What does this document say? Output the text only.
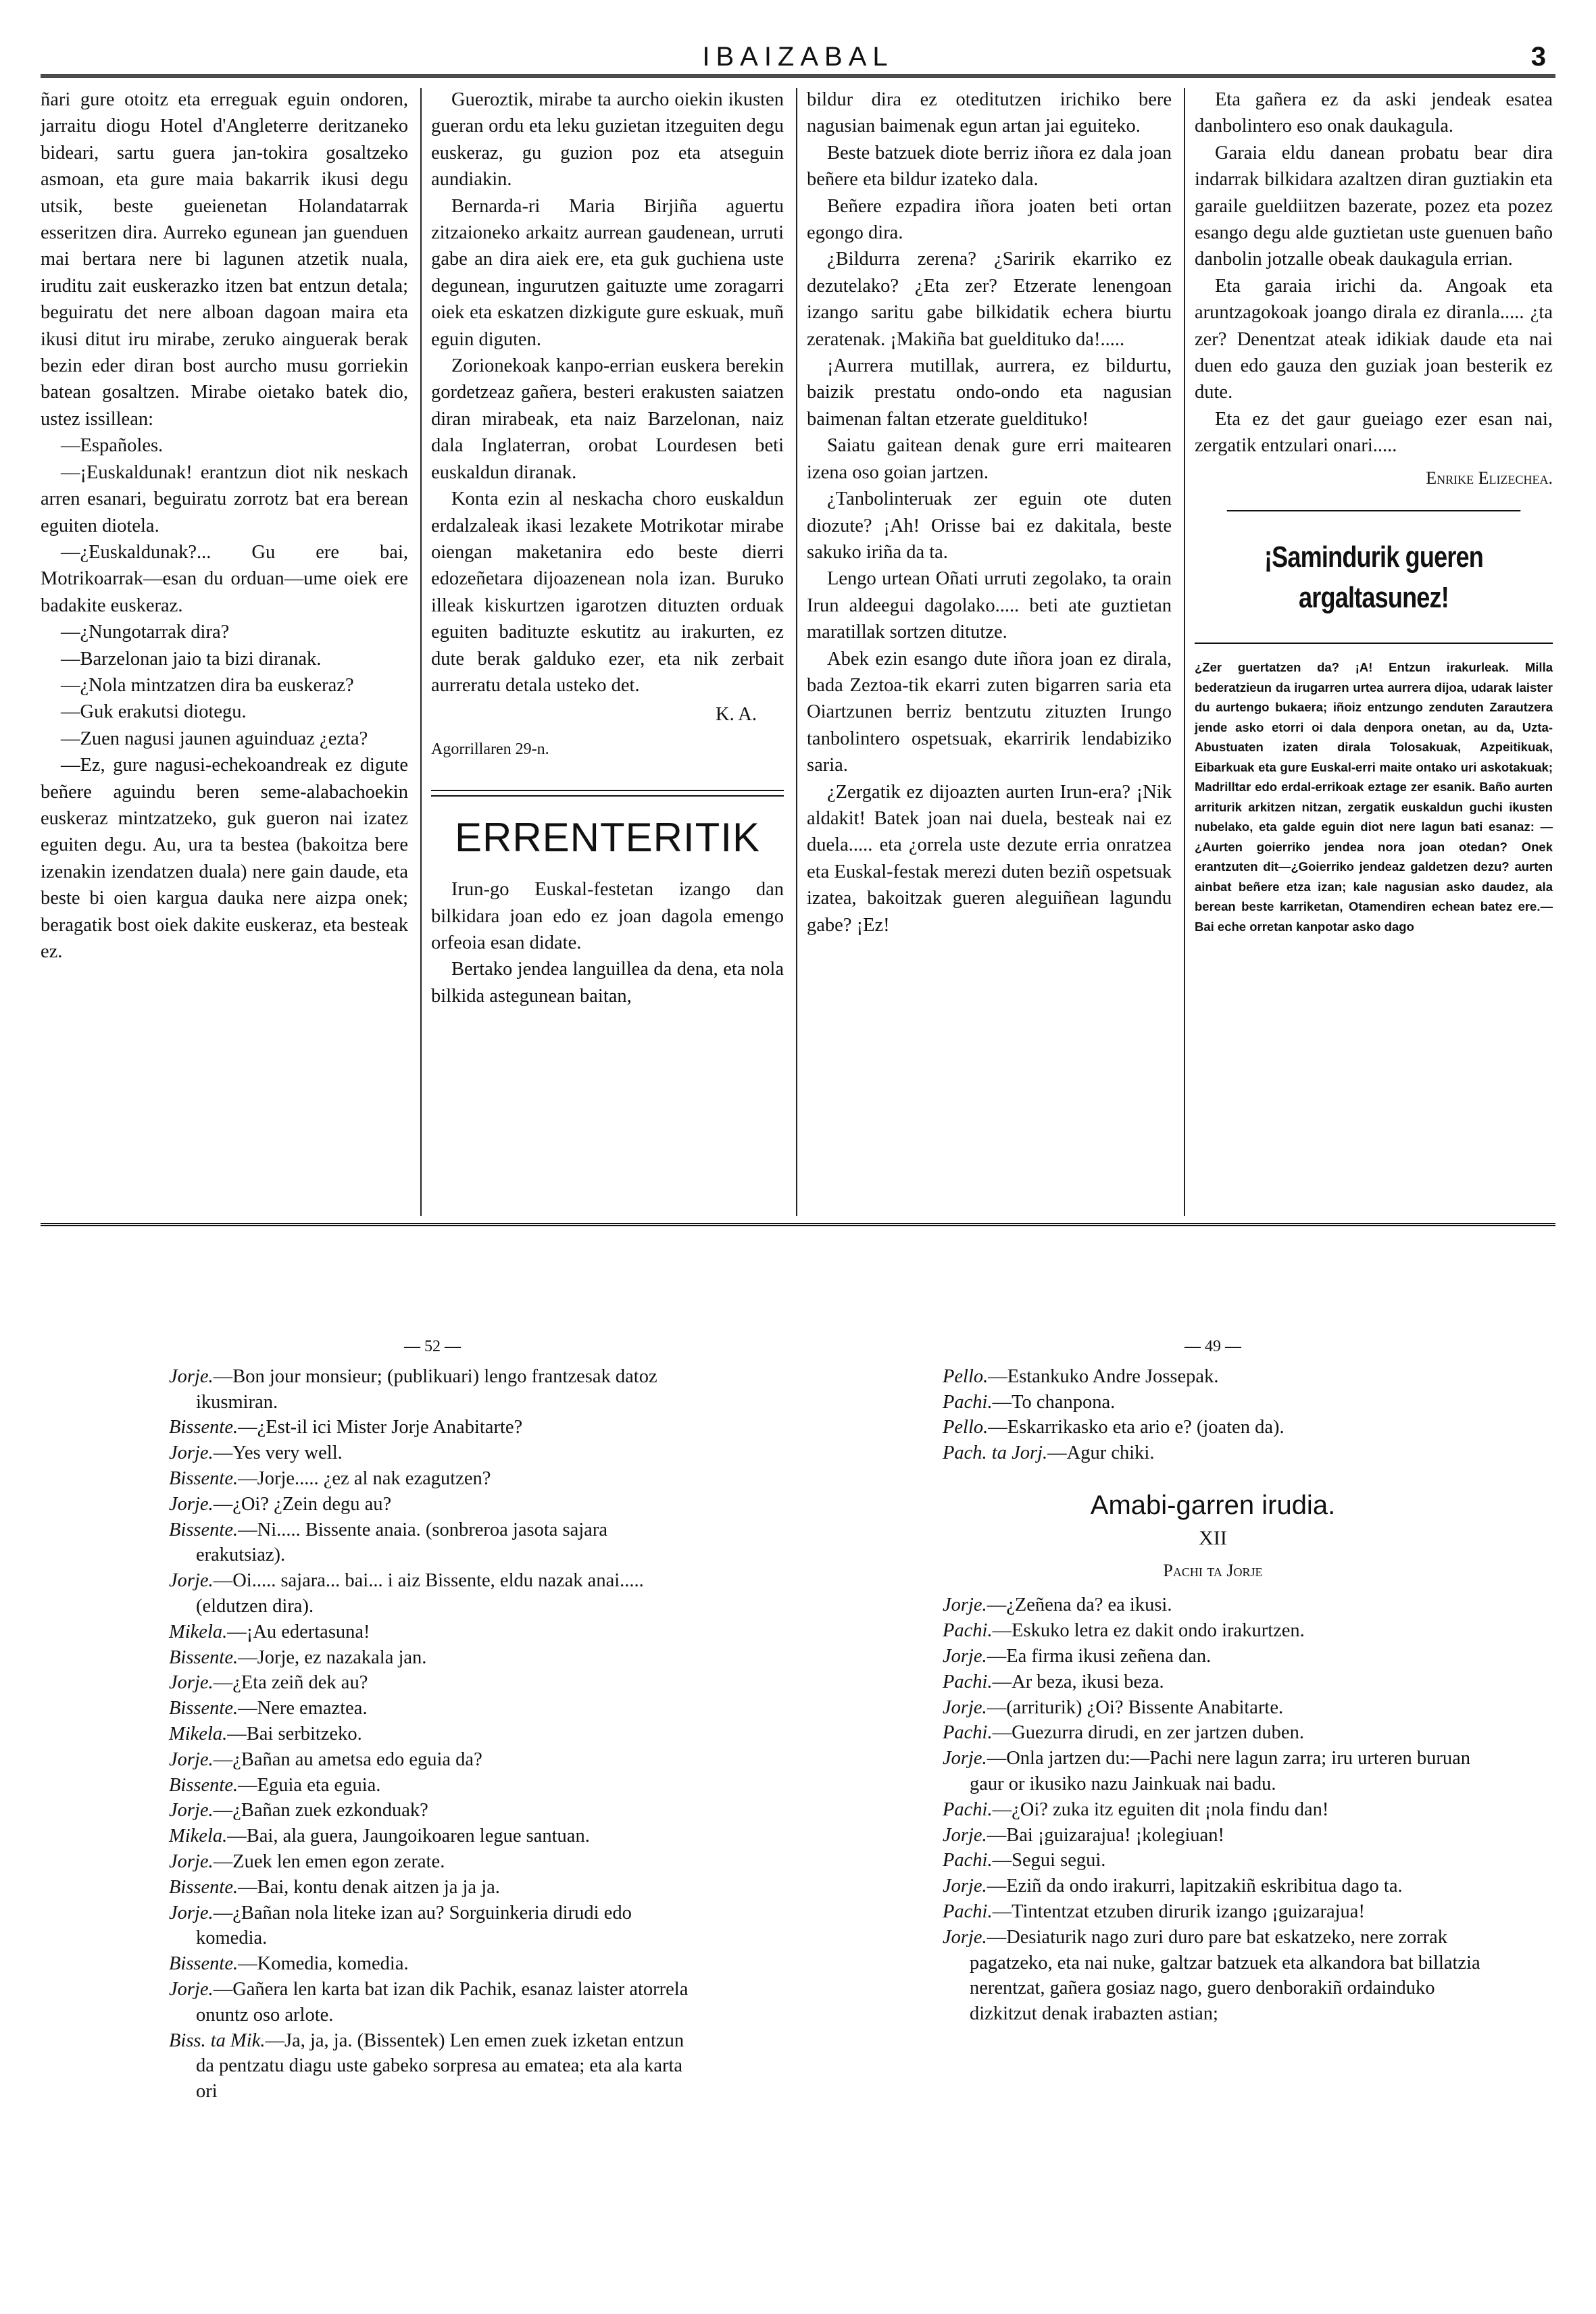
IBAIZABAL	3

ñari gure otoitz eta erreguak eguin ondoren, jarraitu diogu Hotel d'Angleterre deritzaneko bideari, sartu guera jan-tokira gosaltzeko asmoan, eta gure maia bakarrik ikusi degu utsik, beste gueienetan Holandatarrak esseritzen dira. Aurreko egunean jan guenduen mai bertara nere bi lagunen atzetik nuala, iruditu zait euskerazko itzen bat entzun detala; beguiratu det nere alboan dagoan maira eta ikusi ditut iru mirabe, zeruko ainguerak berak bezin eder diran bost aurcho musu gorriekin batean gosaltzen. Mirabe oietako batek dio, ustez issillean:

—Españoles.

—¡Euskaldunak! erantzun diot nik neskach arren esanari, beguiratu zorrotz bat era berean eguiten diotela.

—¿Euskaldunak?... Gu ere bai, Motrikoarrak—esan du orduan—ume oiek ere badakite euskeraz.

—¿Nungotarrak dira?

—Barzelonan jaio ta bizi diranak.

—¿Nola mintzatzen dira ba euskeraz?

—Guk erakutsi diotegu.

—Zuen nagusi jaunen aguinduaz ¿ezta?

—Ez, gure nagusi-echekoandreak ez digute beñere aguindu beren seme-alabachoekin euskeraz mintzatzeko, guk gueron nai izatez eguiten degu. Au, ura ta bestea (bakoitza bere izenakin izendatzen duala) nere gain daude, eta beste bi oien kargua dauka nere aizpa onek; beragatik bost oiek dakite euskeraz, eta besteak ez.

Gueroztik, mirabe ta aurcho oiekin ikusten gueran ordu eta leku guzietan itzeguiten degu euskeraz, gu guzion poz eta atseguin aundiakin.

Bernarda-ri Maria Birjiña aguertu zitzaioneko arkaitz aurrean gaudenean, urruti gabe an dira aiek ere, eta guk guchiena uste degunean, ingurutzen gaituzte ume zoragarri oiek eta eskatzen dizkigute gure eskuak, muñ eguin diguten.

Zorionekoak kanpo-errian euskera berekin gordetzeaz gañera, besteri erakusten saiatzen diran mirabeak, eta naiz Barzelonan, naiz dala Inglaterran, orobat Lourdesen beti euskaldun diranak.

Konta ezin al neskacha choro euskaldun erdalzaleak ikasi lezakete Motrikotar mirabe oiengan maketanira edo beste dierri edozeñetara dijoazenean nola izan. Buruko illeak kiskurtzen igarotzen dituzten orduak eguiten badituzte eskutitz au irakurten, ez dute berak galduko ezer, eta nik zerbait aurreratu detala usteko det.

K. A.
Agorrillaren 29-n.
ERRENTERITIK

Irun-go Euskal-festetan izango dan bilkidara joan edo ez joan dagola emengo orfeoia esan didate.

Bertako jendea languillea da dena, eta nola bilkida astegunean baitan,

bildur dira ez oteditutzen irichiko bere nagusian baimenak egun artan jai eguiteko.

Beste batzuek diote berriz iñora ez dala joan beñere eta bildur izateko dala.

Beñere ezpadira iñora joaten beti ortan egongo dira.

¿Bildurra zerena? ¿Saririk ekarriko ez dezutelako? ¿Eta zer? Etzerate lenengoan izango saritu gabe bilkidatik echera biurtu zeratenak. ¡Makiña bat gueldituko da!.....

¡Aurrera mutillak, aurrera, ez bildurtu, baizik prestatu ondo-ondo eta nagusian baimenan faltan etzerate gueldituko!

Saiatu gaitean denak gure erri maitearen izena oso goian jartzen.

¿Tanbolinteruak zer eguin ote duten diozute? ¡Ah! Orisse bai ez dakitala, beste sakuko iriña da ta.

Lengo urtean Oñati urruti zegolako, ta orain Irun aldeegui dagolako..... beti ate guztietan maratillak sortzen ditutze.

Abek ezin esango dute iñora joan ez dirala, bada Zeztoa-tik ekarri zuten bigarren saria eta Oiartzunen berriz bentzutu zituzten Irungo tanbolintero ospetsuak, ekarririk lendabiziko saria.

¿Zergatik ez dijoazten aurten Irun-era? ¡Nik aldakit! Batek joan nai duela, besteak nai ez duela..... eta ¿orrela uste dezute erria onratzea eta Euskal-festak merezi duten beziñ ospetsuak izatea, bakoitzak gueren aleguiñean lagundu gabe? ¡Ez!

Eta gañera ez da aski jendeak esatea danbolintero eso onak daukagula.

Garaia eldu danean probatu bear dira indarrak bilkidara azaltzen diran guztiakin eta garaile gueldiitzen bazerate, pozez eta pozez esango degu alde guztietan uste guenuen baño danbolin jotzalle obeak daukagula errian.

Eta garaia irichi da. Angoak eta aruntzagokoak joango dirala ez diranla..... ¿ta zer? Denentzat ateak idikiak daude eta nai duen edo gauza den guziak joan besterik ez dute.

Eta ez det gaur gueiago ezer esan nai, zergatik entzulari onari.....

Enrike Elizechea.
¡Samindurik gueren argaltasunez!
¿Zer guertatzen da? ¡A! Entzun irakurleak. Milla bederatzieun da irugarren urtea aurrera dijoa, udarak laister du aurtengo bukaera; iñoiz entzungo zenduten Zarautzera jende asko etorri oi dala denpora onetan, au da, Uzta-Abustuaten izaten dirala Tolosakuak, Azpeitikuak, Eibarkuak eta gure Euskal-erri maite ontako uri askotakuak; Madrilltar edo erdal-errikoak eztage zer esanik. Baño aurten arriturik arkitzen nitzan, zergatik euskaldun guchi ikusten nubelako, eta galde eguin diot nere lagun bati esanaz: —¿Aurten goierriko jendea nora joan otedan? Onek erantzuten dit—¿Goierriko jendeaz galdetzen dezu? aurten ainbat beñere etza izan; kale nagusian asko daudez, ala berean beste karriketan, Otamendiren echean batez ere.—Bai eche orretan kanpotar asko dago
— 52 —

Jorje.—Bon jour monsieur; (publikuari) lengo frantzesak datoz ikusmiran.

Bissente.—¿Est-il ici Mister Jorje Anabitarte?

Jorje.—Yes very well.

Bissente.—Jorje..... ¿ez al nak ezagutzen?

Jorje.—¿Oi? ¿Zein degu au?

Bissente.—Ni..... Bissente anaia. (sonbreroa jasota sajara erakutsiaz).

Jorje.—Oi..... sajara... bai... i aiz Bissente, eldu nazak anai..... (eldutzen dira).

Mikela.—¡Au edertasuna!

Bissente.—Jorje, ez nazakala jan.

Jorje.—¿Eta zeiñ dek au?

Bissente.—Nere emaztea.

Mikela.—Bai serbitzeko.

Jorje.—¿Bañan au ametsa edo eguia da?

Bissente.—Eguia eta eguia.

Jorje.—¿Bañan zuek ezkonduak?

Mikela.—Bai, ala guera, Jaungoikoaren legue santuan.

Jorje.—Zuek len emen egon zerate.

Bissente.—Bai, kontu denak aitzen ja ja ja.

Jorje.—¿Bañan nola liteke izan au? Sorguinkeria dirudi edo komedia.

Bissente.—Komedia, komedia.

Jorje.—Gañera len karta bat izan dik Pachik, esanaz laister atorrela onuntz oso arlote.

Biss. ta Mik.—Ja, ja, ja. (Bissentek) Len emen zuek izketan entzun da pentzatu diagu uste gabeko sorpresa au ematea; eta ala karta ori

— 49 —

Pello.—Estankuko Andre Jossepak.

Pachi.—To chanpona.

Pello.—Eskarrikasko eta ario e? (joaten da).

Pach. ta Jorj.—Agur chiki.

Amabi-garren irudia.
XII
Pachi ta Jorje

Jorje.—¿Zeñena da? ea ikusi.

Pachi.—Eskuko letra ez dakit ondo irakurtzen.

Jorje.—Ea firma ikusi zeñena dan.

Pachi.—Ar beza, ikusi beza.

Jorje.—(arriturik) ¿Oi? Bissente Anabitarte.

Pachi.—Guezurra dirudi, en zer jartzen duben.

Jorje.—Onla jartzen du:—Pachi nere lagun zarra; iru urteren buruan gaur or ikusiko nazu Jainkuak nai badu.

Pachi.—¿Oi? zuka itz eguiten dit ¡nola findu dan!

Jorje.—Bai ¡guizarajua! ¡kolegiuan!

Pachi.—Segui segui.

Jorje.—Eziñ da ondo irakurri, lapitzakiñ eskribitua dago ta.

Pachi.—Tintentzat etzuben dirurik izango ¡guizarajua!

Jorje.—Desiaturik nago zuri duro pare bat eskatzeko, nere zorrak pagatzeko, eta nai nuke, galtzar batzuek eta alkandora bat billatzia nerentzat, gañera gosiaz nago, guero denborakiñ ordainduko dizkitzut denak irabazten astian;
